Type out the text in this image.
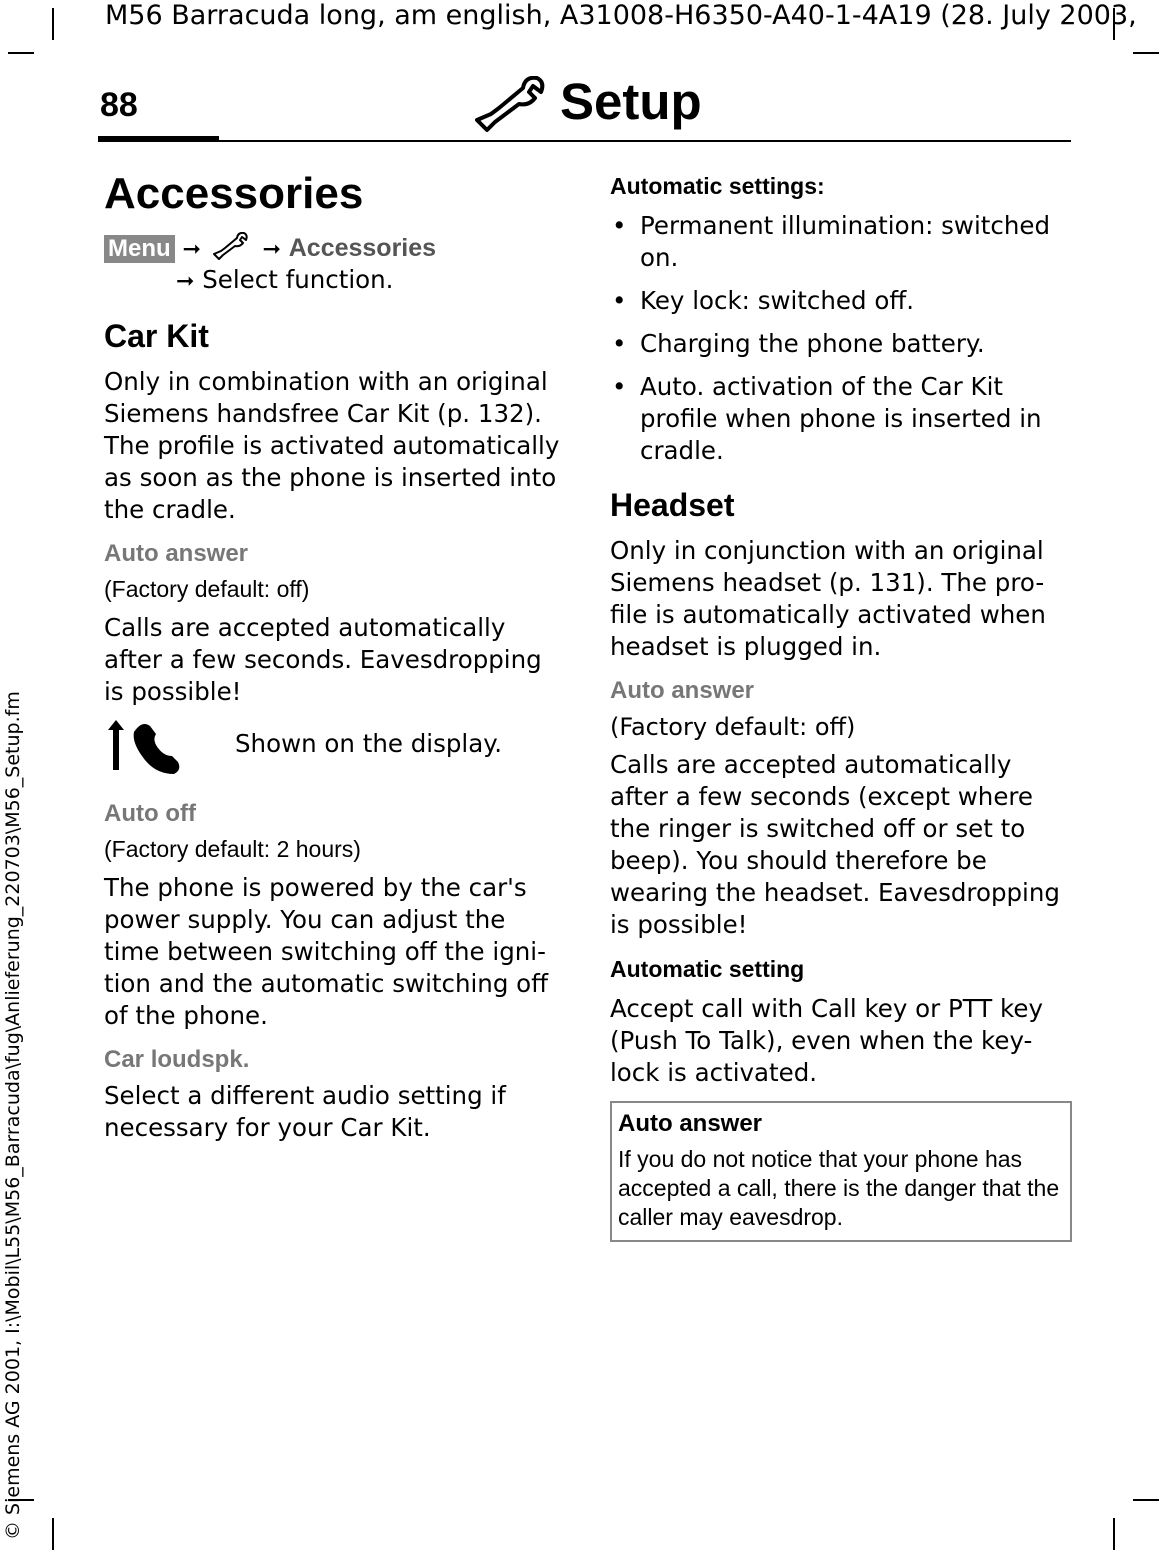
M56 Barracuda long, am english, A31008-H6350-A40-1-4A19 (28. July 2003,
© Siemens AG 2001, I:\Mobil\L55\M56_Barracuda\fug\Anlieferung_220703\M56_Setup.fm
88	Setup
Accessories
Menu ➞	➞ Accessories
➞ Select function.
Car Kit

Only in combination with an original Siemens handsfree Car Kit (p. 132). The profile is activated automatically as soon as the phone is inserted into the cradle.

Auto answer
(Factory default: off)

Calls are accepted automatically after a few seconds. Eavesdropping is possible!

Shown on the display.
Auto off
(Factory default: 2 hours)

The phone is powered by the car's power supply. You can adjust the time between switching off the igni-tion and the automatic switching off of the phone.

Car loudspk.

Select a different audio setting if necessary for your Car Kit.

Automatic settings:
• Permanent illumination: switched on.
• Key lock: switched off.
• Charging the phone battery.
• Auto. activation of the Car Kit profile when phone is inserted in cradle.
Headset

Only in conjunction with an original Siemens headset (p. 131). The pro-file is automatically activated when headset is plugged in.

Auto answer
(Factory default: off)

Calls are accepted automatically after a few seconds (except where the ringer is switched off or set to beep). You should therefore be wearing the headset. Eavesdropping is possible!

Automatic setting

Accept call with Call key or PTT key (Push To Talk), even when the key-lock is activated.

Auto answer
If you do not notice that your phone has accepted a call, there is the danger that the caller may eavesdrop.
